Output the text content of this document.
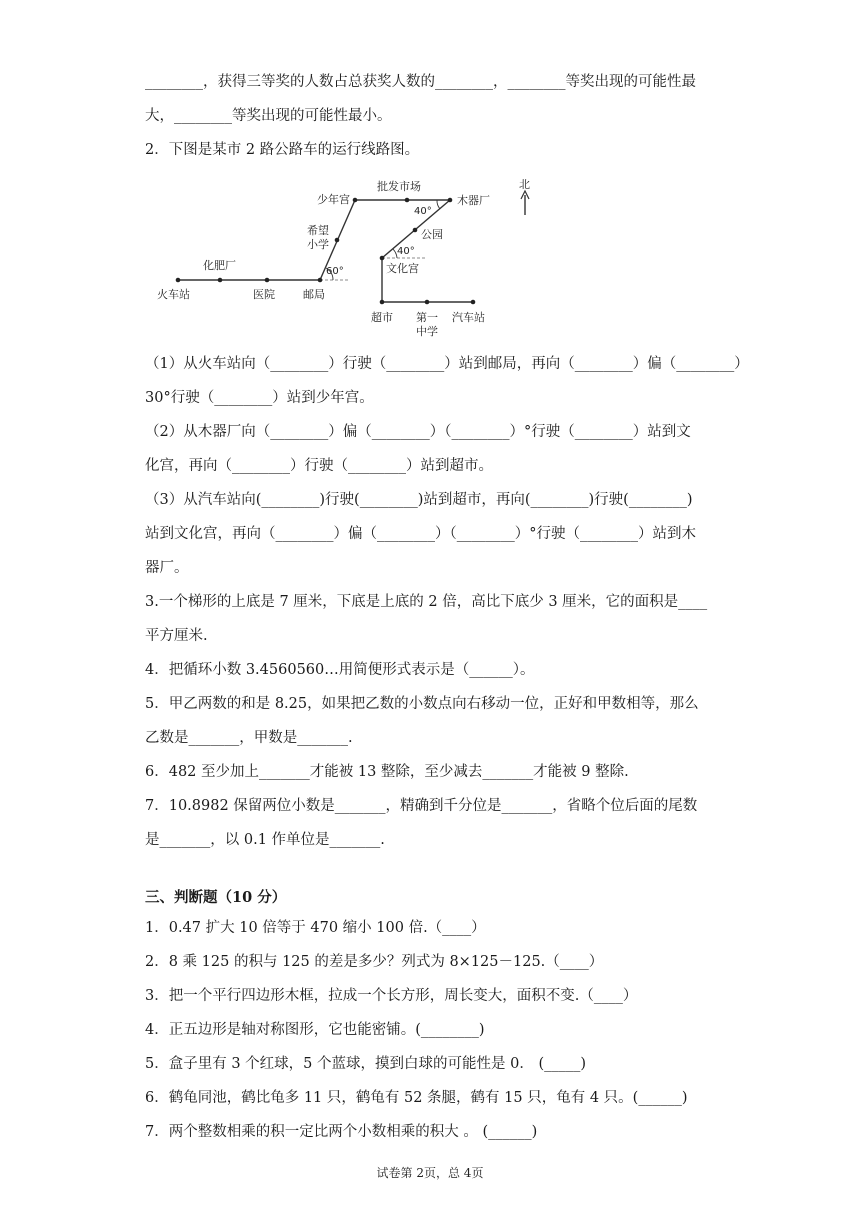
________，获得三等奖的人数占总获奖人数的________，________等奖出现的可能性最
大，________等奖出现的可能性最小。
2．下图是某市 2 路公路车的运行线路图。
火车站
化肥厂
医院	邮局
希望
小学
少年宫
批发市场
木器厂
公园
文化宫
超市 第一
中学
汽车站
北
60°
40°
40°
（1）从火车站向（________）行驶（________）站到邮局，再向（________）偏（________）
30°行驶（________）站到少年宫。
（2）从木器厂向（________）偏（________）（________）°行驶（________）站到文
化宫，再向（________）行驶（________）站到超市。
（3）从汽车站向(________)行驶(________)站到超市，再向(________)行驶(________)
站到文化宫，再向（________）偏（________）（________）°行驶（________）站到木
器厂。
3.一个梯形的上底是 7 厘米，下底是上底的 2 倍，高比下底少 3 厘米，它的面积是____
平方厘米.
4．把循环小数 3.4560560…用简便形式表示是（______）。
5．甲乙两数的和是 8.25，如果把乙数的小数点向右移动一位，正好和甲数相等，那么
乙数是_______，甲数是_______.
6．482 至少加上_______才能被 13 整除，至少减去_______才能被 9 整除.
7．10.8982 保留两位小数是_______，精确到千分位是_______，省略个位后面的尾数
是_______，以 0.1 作单位是_______.
三、判断题（10 分）
1．0.47 扩大 10 倍等于 470 缩小 100 倍.（____）
2．8 乘 125 的积与 125 的差是多少？列式为 8×125－125.（____）
3．把一个平行四边形木框，拉成一个长方形，周长变大，面积不变.（____）
4．正五边形是轴对称图形，它也能密铺。(________)
5．盒子里有 3 个红球，5 个蓝球，摸到白球的可能性是 0． (_____)
6．鹤龟同池，鹤比龟多 11 只，鹤龟有 52 条腿，鹤有 15 只，龟有 4 只。(______)
7．两个整数相乘的积一定比两个小数相乘的积大 。 (______)
试卷第 2页，总 4页
